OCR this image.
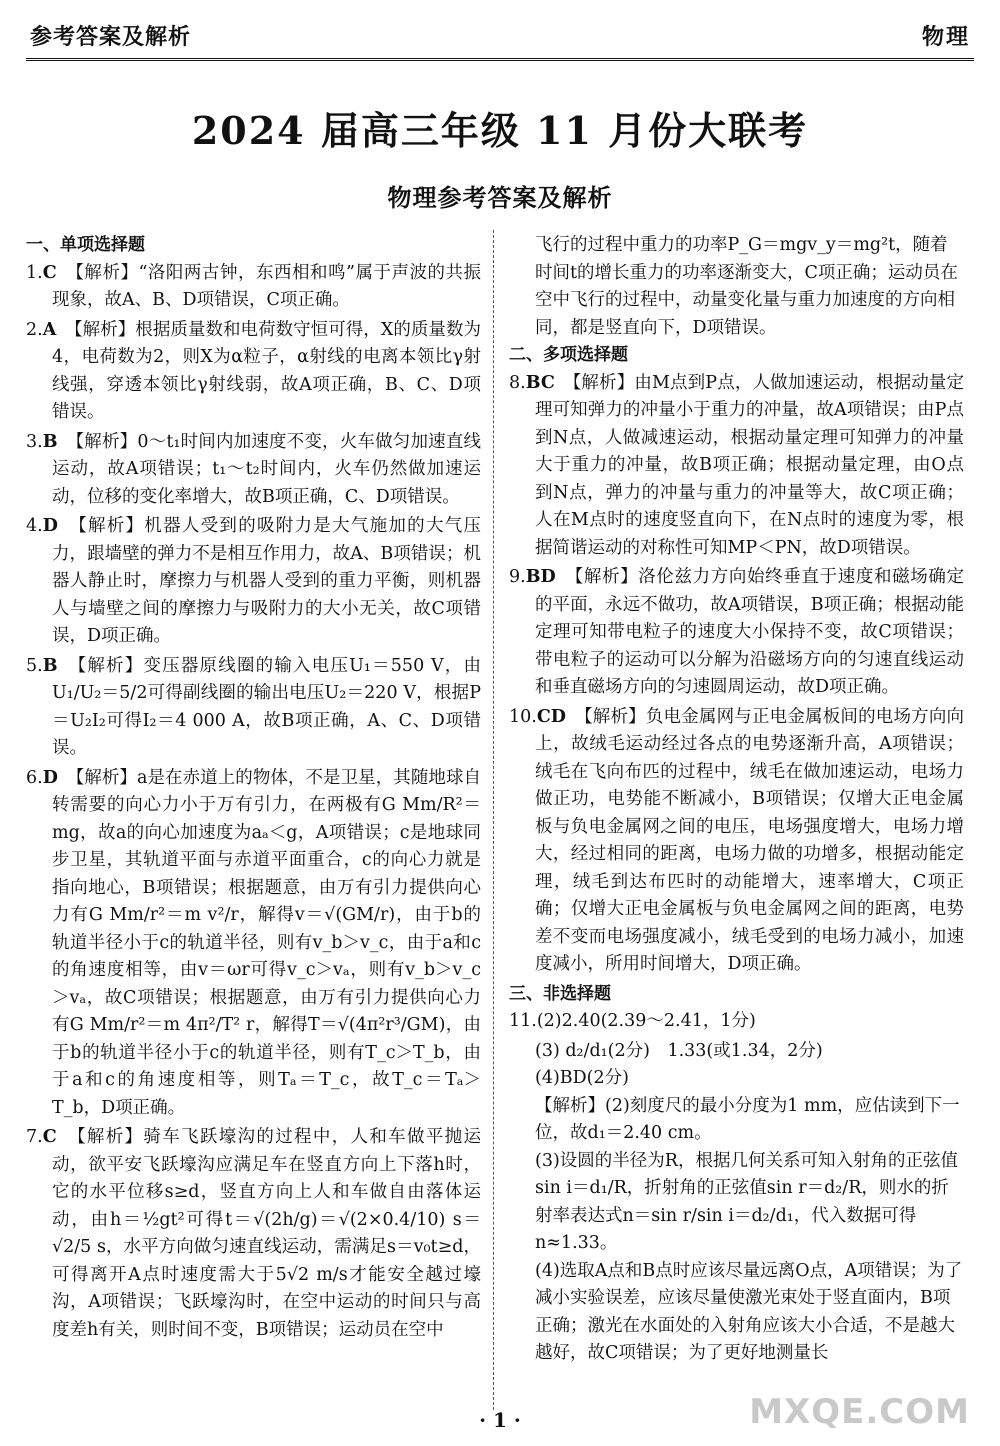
参考答案及解析	物理
2024 届高三年级 11 月份大联考
物理参考答案及解析

一、单项选择题

1.C　 【解析】“洛阳两古钟，东西相和鸣”属于声波的共振现象，故A、B、D项错误，C项正确。

2.A　 【解析】根据质量数和电荷数守恒可得，X的质量数为4，电荷数为2，则X为α粒子，α射线的电离本领比γ射线强，穿透本领比γ射线弱，故A项正确，B、C、D项错误。

3.B　 【解析】0～t₁时间内加速度不变，火车做匀加速直线运动，故A项错误；t₁～t₂时间内，火车仍然做加速运动，位移的变化率增大，故B项正确，C、D项错误。

4.D　 【解析】机器人受到的吸附力是大气施加的大气压力，跟墙壁的弹力不是相互作用力，故A、B项错误；机器人静止时，摩擦力与机器人受到的重力平衡，则机器人与墙壁之间的摩擦力与吸附力的大小无关，故C项错误，D项正确。

5.B　 【解析】变压器原线圈的输入电压U₁＝550 V，由U₁/U₂＝5/2可得副线圈的输出电压U₂＝220 V，根据P＝U₂I₂可得I₂＝4 000 A，故B项正确，A、C、D项错误。

6.D　 【解析】a是在赤道上的物体，不是卫星，其随地球自转需要的向心力小于万有引力，在两极有G Mm/R²＝mg，故a的向心加速度为aₐ＜g，A项错误；c是地球同步卫星，其轨道平面与赤道平面重合，c的向心力就是指向地心，B项错误；根据题意，由万有引力提供向心力有G Mm/r²＝m v²/r，解得v＝√(GM/r)，由于b的轨道半径小于c的轨道半径，则有v_b＞v_c，由于a和c的角速度相等，由v＝ωr可得v_c＞vₐ，则有v_b＞v_c＞vₐ，故C项错误；根据题意，由万有引力提供向心力有G Mm/r²＝m 4π²/T² r，解得T＝√(4π²r³/GM)，由于b的轨道半径小于c的轨道半径，则有T_c＞T_b，由于a和c的角速度相等，则Tₐ＝T_c，故T_c＝Tₐ＞T_b，D项正确。

7.C　 【解析】骑车飞跃壕沟的过程中，人和车做平抛运动，欲平安飞跃壕沟应满足车在竖直方向上下落h时，它的水平位移s≥d，竖直方向上人和车做自由落体运动，由h＝½gt²可得t＝√(2h/g)＝√(2×0.4/10) s＝√2/5 s，水平方向做匀速直线运动，需满足s＝v₀t≥d，可得离开A点时速度需大于5√2 m/s才能安全越过壕沟，A项错误；飞跃壕沟时，在空中运动的时间只与高度差h有关，则时间不变，B项错误；运动员在空中

飞行的过程中重力的功率P_G＝mgv_y＝mg²t，随着时间t的增长重力的功率逐渐变大，C项正确；运动员在空中飞行的过程中，动量变化量与重力加速度的方向相同，都是竖直向下，D项错误。

二、多项选择题

8.BC　 【解析】由M点到P点，人做加速运动，根据动量定理可知弹力的冲量小于重力的冲量，故A项错误；由P点到N点，人做减速运动，根据动量定理可知弹力的冲量大于重力的冲量，故B项正确；根据动量定理，由O点到N点，弹力的冲量与重力的冲量等大，故C项正确；人在M点时的速度竖直向下，在N点时的速度为零，根据简谐运动的对称性可知MP＜PN，故D项错误。

9.BD　 【解析】洛伦兹力方向始终垂直于速度和磁场确定的平面，永远不做功，故A项错误，B项正确；根据动能定理可知带电粒子的速度大小保持不变，故C项错误；带电粒子的运动可以分解为沿磁场方向的匀速直线运动和垂直磁场方向的匀速圆周运动，故D项正确。

10.CD　 【解析】负电金属网与正电金属板间的电场方向向上，故绒毛运动经过各点的电势逐渐升高，A项错误；绒毛在飞向布匹的过程中，绒毛在做加速运动，电场力做正功，电势能不断减小，B项错误；仅增大正电金属板与负电金属网之间的电压，电场强度增大，电场力增大，经过相同的距离，电场力做的功增多，根据动能定理，绒毛到达布匹时的动能增大，速率增大，C项正确；仅增大正电金属板与负电金属网之间的距离，电势差不变而电场强度减小，绒毛受到的电场力减小，加速度减小，所用时间增大，D项正确。

三、非选择题

11.(2)2.40(2.39～2.41，1分)

(3) d₂/d₁(2分)　1.33(或1.34，2分)

(4)BD(2分)

【解析】(2)刻度尺的最小分度为1 mm，应估读到下一位，故d₁＝2.40 cm。

(3)设圆的半径为R，根据几何关系可知入射角的正弦值sin i＝d₁/R，折射角的正弦值sin r＝d₂/R，则水的折射率表达式n＝sin r/sin i＝d₂/d₁，代入数据可得n≈1.33。

(4)选取A点和B点时应该尽量远离O点，A项错误；为了减小实验误差，应该尽量使激光束处于竖直面内，B项正确；激光在水面处的入射角应该大小合适，不是越大越好，故C项错误；为了更好地测量长

· 1 ·	MXQE.COM
